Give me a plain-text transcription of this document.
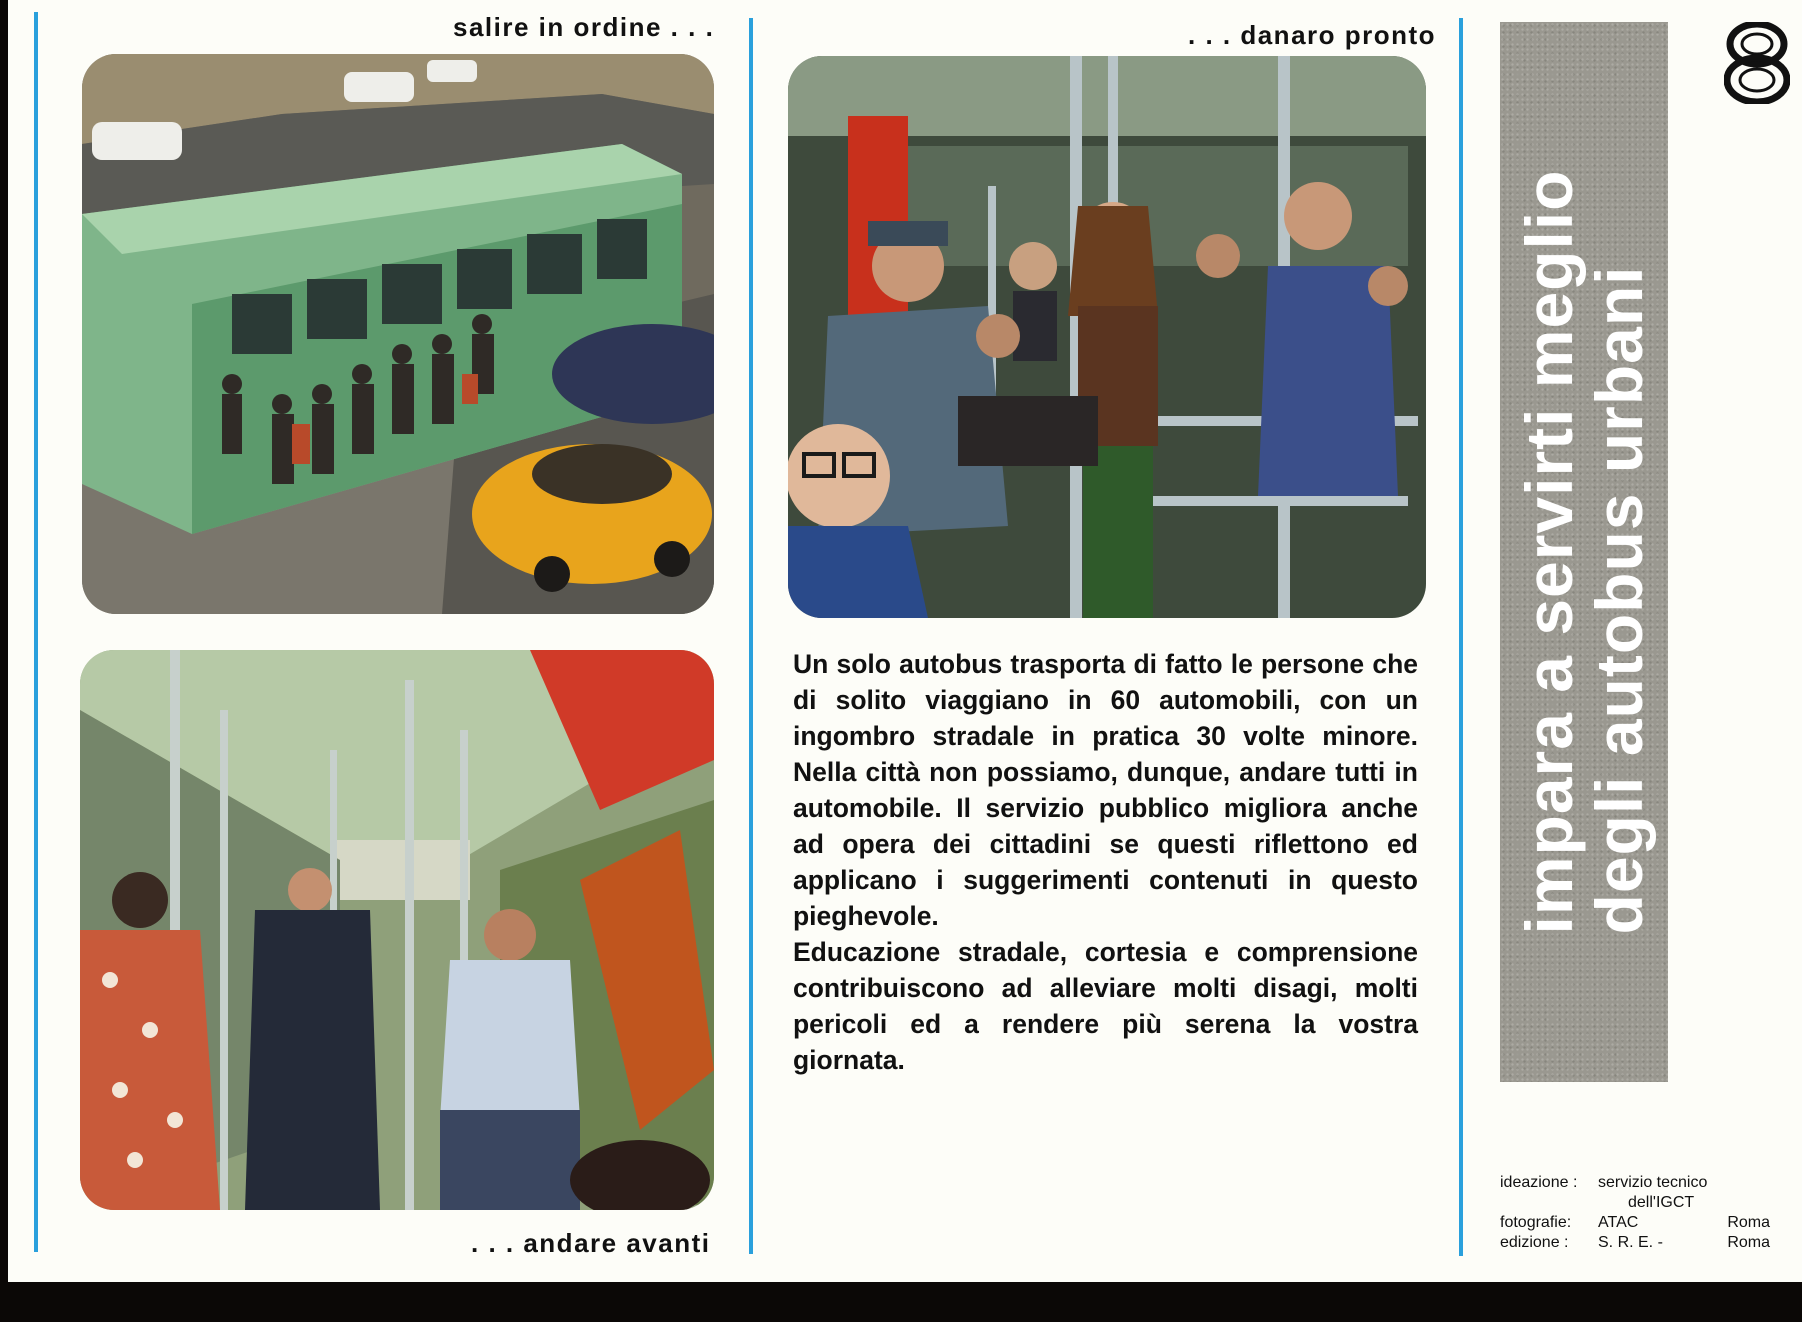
salire in ordine . . .	. . . danaro pronto
. . . andare avanti

Un solo autobus trasporta di fatto le persone che di solito viaggiano in 60 automobili, con un ingombro stradale in pratica 30 volte minore. Nella città non possiamo, dunque, andare tutti in automobile. Il servizio pubblico migliora anche ad opera dei cittadini se questi riflettono ed applicano i suggerimenti contenuti in questo pieghevole.

Educazione stradale, cortesia e comprensione contribuiscono ad alleviare molti disagi, molti pericoli ed a rendere più serena la vostra giornata.

impara a servirti meglio
degli autobus urbani
ideazione :	servizio tecnico
dell'IGCT
fotografie:	ATAC	Roma
edizione :	S. R. E. -	Roma
